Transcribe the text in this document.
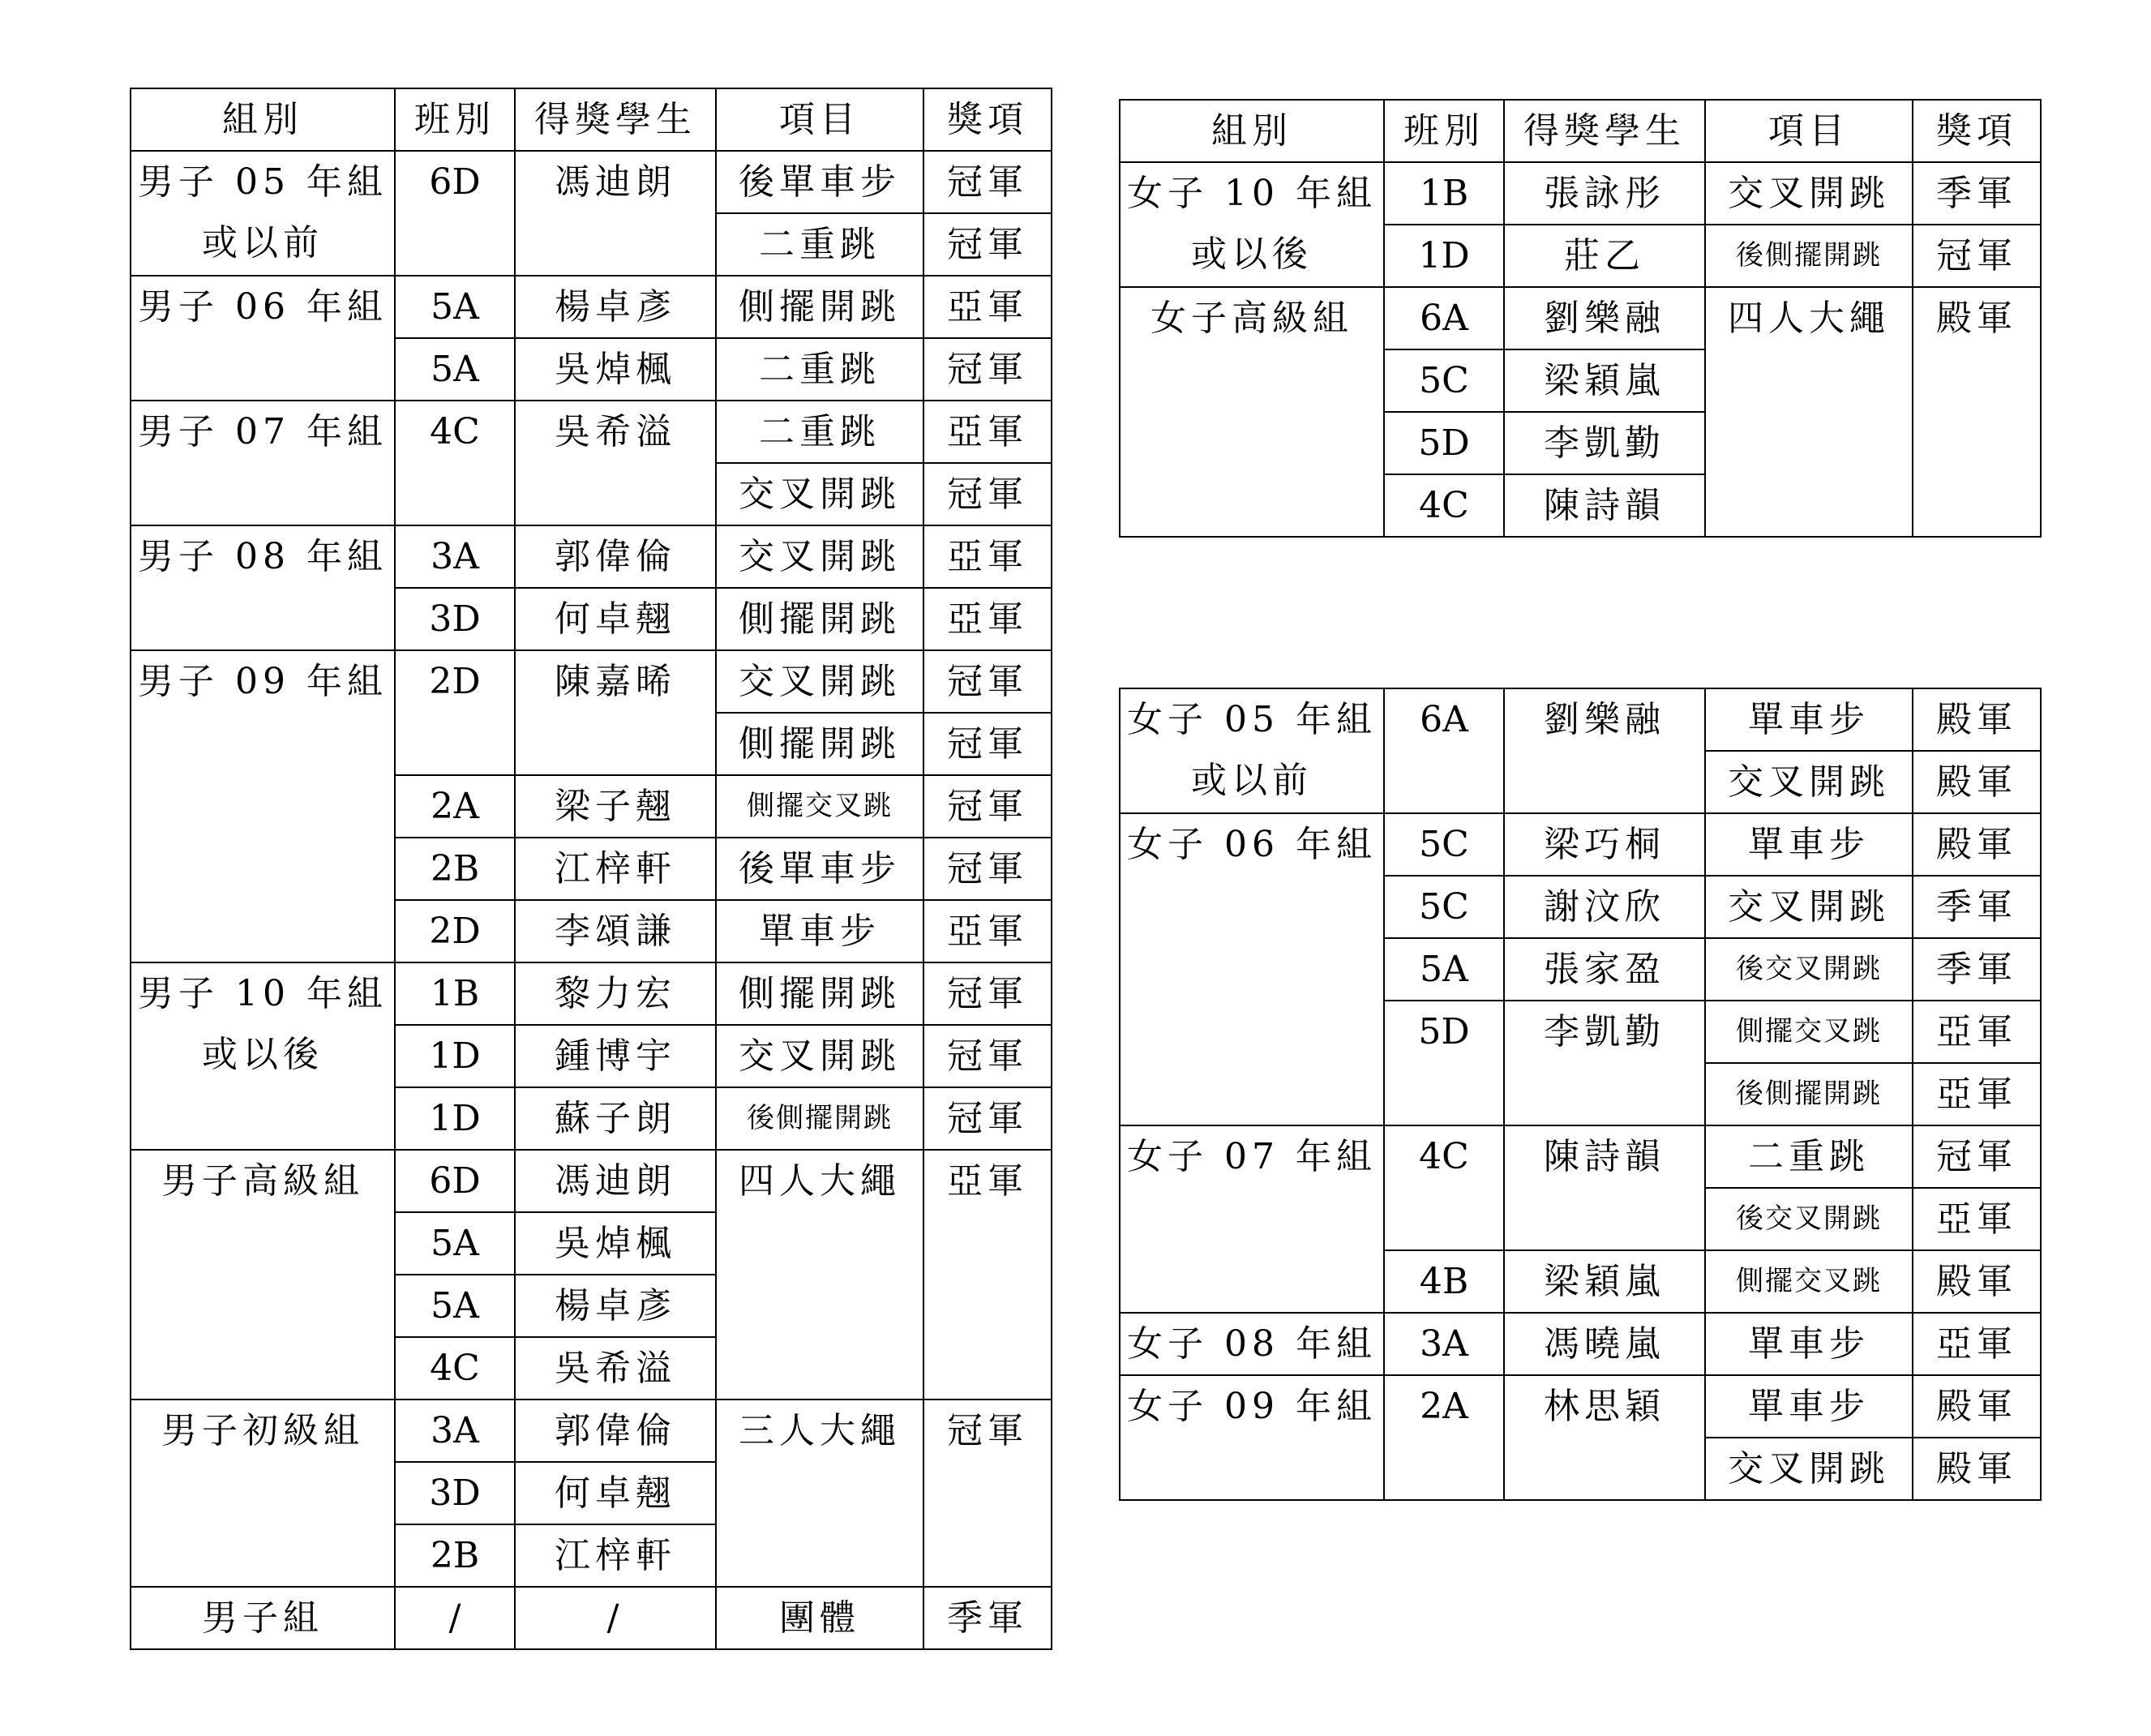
組別	班別	得獎學生	項目	獎項

男子 05 年組
或以前	6D	馮迪朗	後單車步	冠軍
			二重跳	冠軍
男子 06 年組	5A	楊卓彥	側擺開跳	亞軍
	5A	吳焯楓	二重跳	冠軍
男子 07 年組	4C	吳希溢	二重跳	亞軍
			交叉開跳	冠軍
男子 08 年組	3A	郭偉倫	交叉開跳	亞軍
	3D	何卓翹	側擺開跳	亞軍
男子 09 年組	2D	陳嘉晞	交叉開跳	冠軍
			側擺開跳	冠軍
	2A	梁子翹	側擺交叉跳	冠軍
	2B	江梓軒	後單車步	冠軍
	2D	李頌謙	單車步	亞軍

男子 10 年組
或以後	1B	黎力宏	側擺開跳	冠軍
	1D	鍾博宇	交叉開跳	冠軍
	1D	蘇子朗	後側擺開跳	冠軍
男子高級組	6D	馮迪朗	四人大繩	亞軍
	5A	吳焯楓		
	5A	楊卓彥		
	4C	吳希溢		
男子初級組	3A	郭偉倫	三人大繩	冠軍
	3D	何卓翹		
	2B	江梓軒		
男子組	/	/	團體	季軍
組別	班別	得獎學生	項目	獎項

女子 10 年組
或以後	1B	張詠彤	交叉開跳	季軍
	1D	莊乙	後側擺開跳	冠軍
女子高級組	6A	劉樂融	四人大繩	殿軍
	5C	梁穎嵐		
	5D	李凱勤		
	4C	陳詩韻		
女子 05 年組
或以前	6A	劉樂融	單車步	殿軍
			交叉開跳	殿軍
女子 06 年組	5C	梁巧桐	單車步	殿軍
	5C	謝汶欣	交叉開跳	季軍
	5A	張家盈	後交叉開跳	季軍
	5D	李凱勤	側擺交叉跳	亞軍
			後側擺開跳	亞軍
女子 07 年組	4C	陳詩韻	二重跳	冠軍
			後交叉開跳	亞軍
	4B	梁穎嵐	側擺交叉跳	殿軍
女子 08 年組	3A	馮曉嵐	單車步	亞軍
女子 09 年組	2A	林思穎	單車步	殿軍
			交叉開跳	殿軍
